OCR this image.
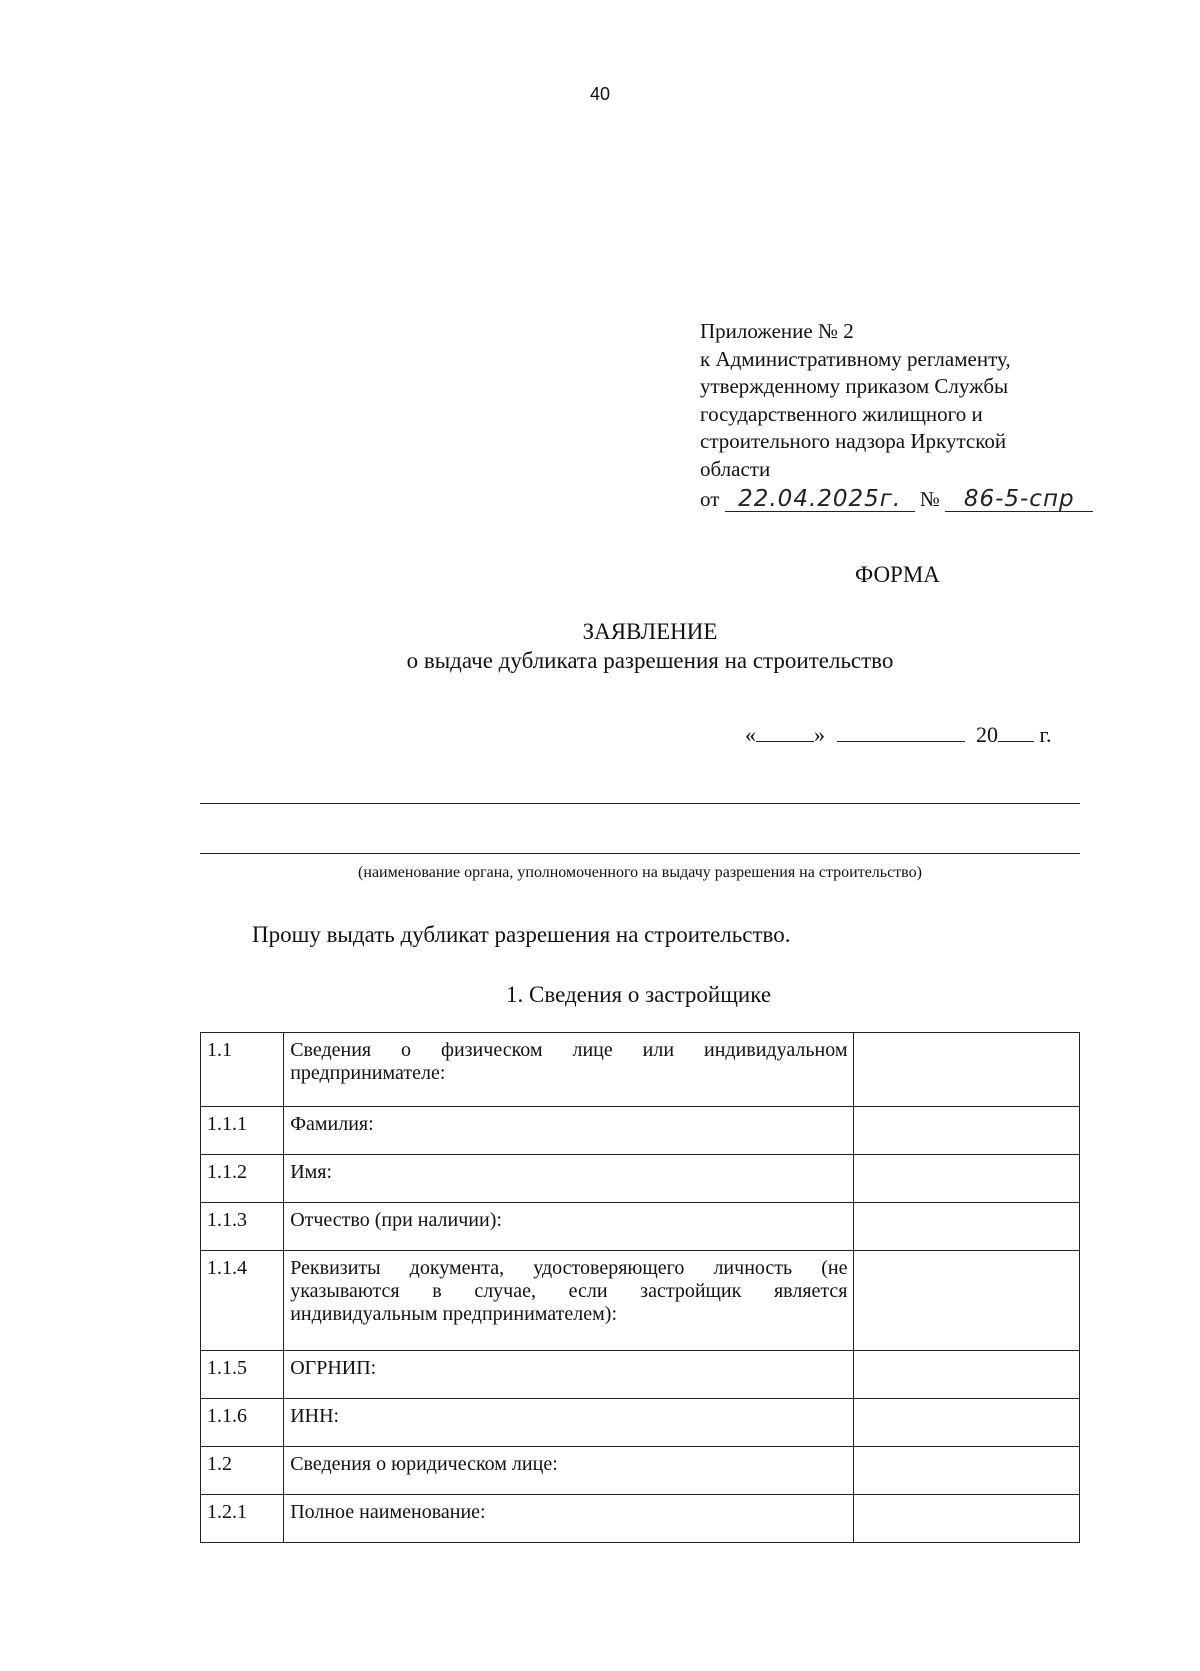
40
Приложение № 2
к Административному регламенту,
утвержденному приказом Службы
государственного жилищного и
строительного надзора Иркутской
области
от 22.04.2025г. № 86-5-спр
ФОРМА
ЗАЯВЛЕНИЕ
о выдаче дубликата разрешения на строительство
«	»	20 г.
(наименование органа, уполномоченного на выдачу разрешения на строительство)
Прошу выдать дубликат разрешения на строительство.
1. Сведения о застройщике
1.1	Сведения о физическом лице или индивидуальном предпринимателе:	
1.1.1	Фамилия:	
1.1.2	Имя:	
1.1.3	Отчество (при наличии):	
1.1.4	Реквизиты документа, удостоверяющего личность (не указываются в случае, если застройщик является индивидуальным предпринимателем):	
1.1.5	ОГРНИП:	
1.1.6	ИНН:	
1.2	Сведения о юридическом лице:	
1.2.1	Полное наименование:	
